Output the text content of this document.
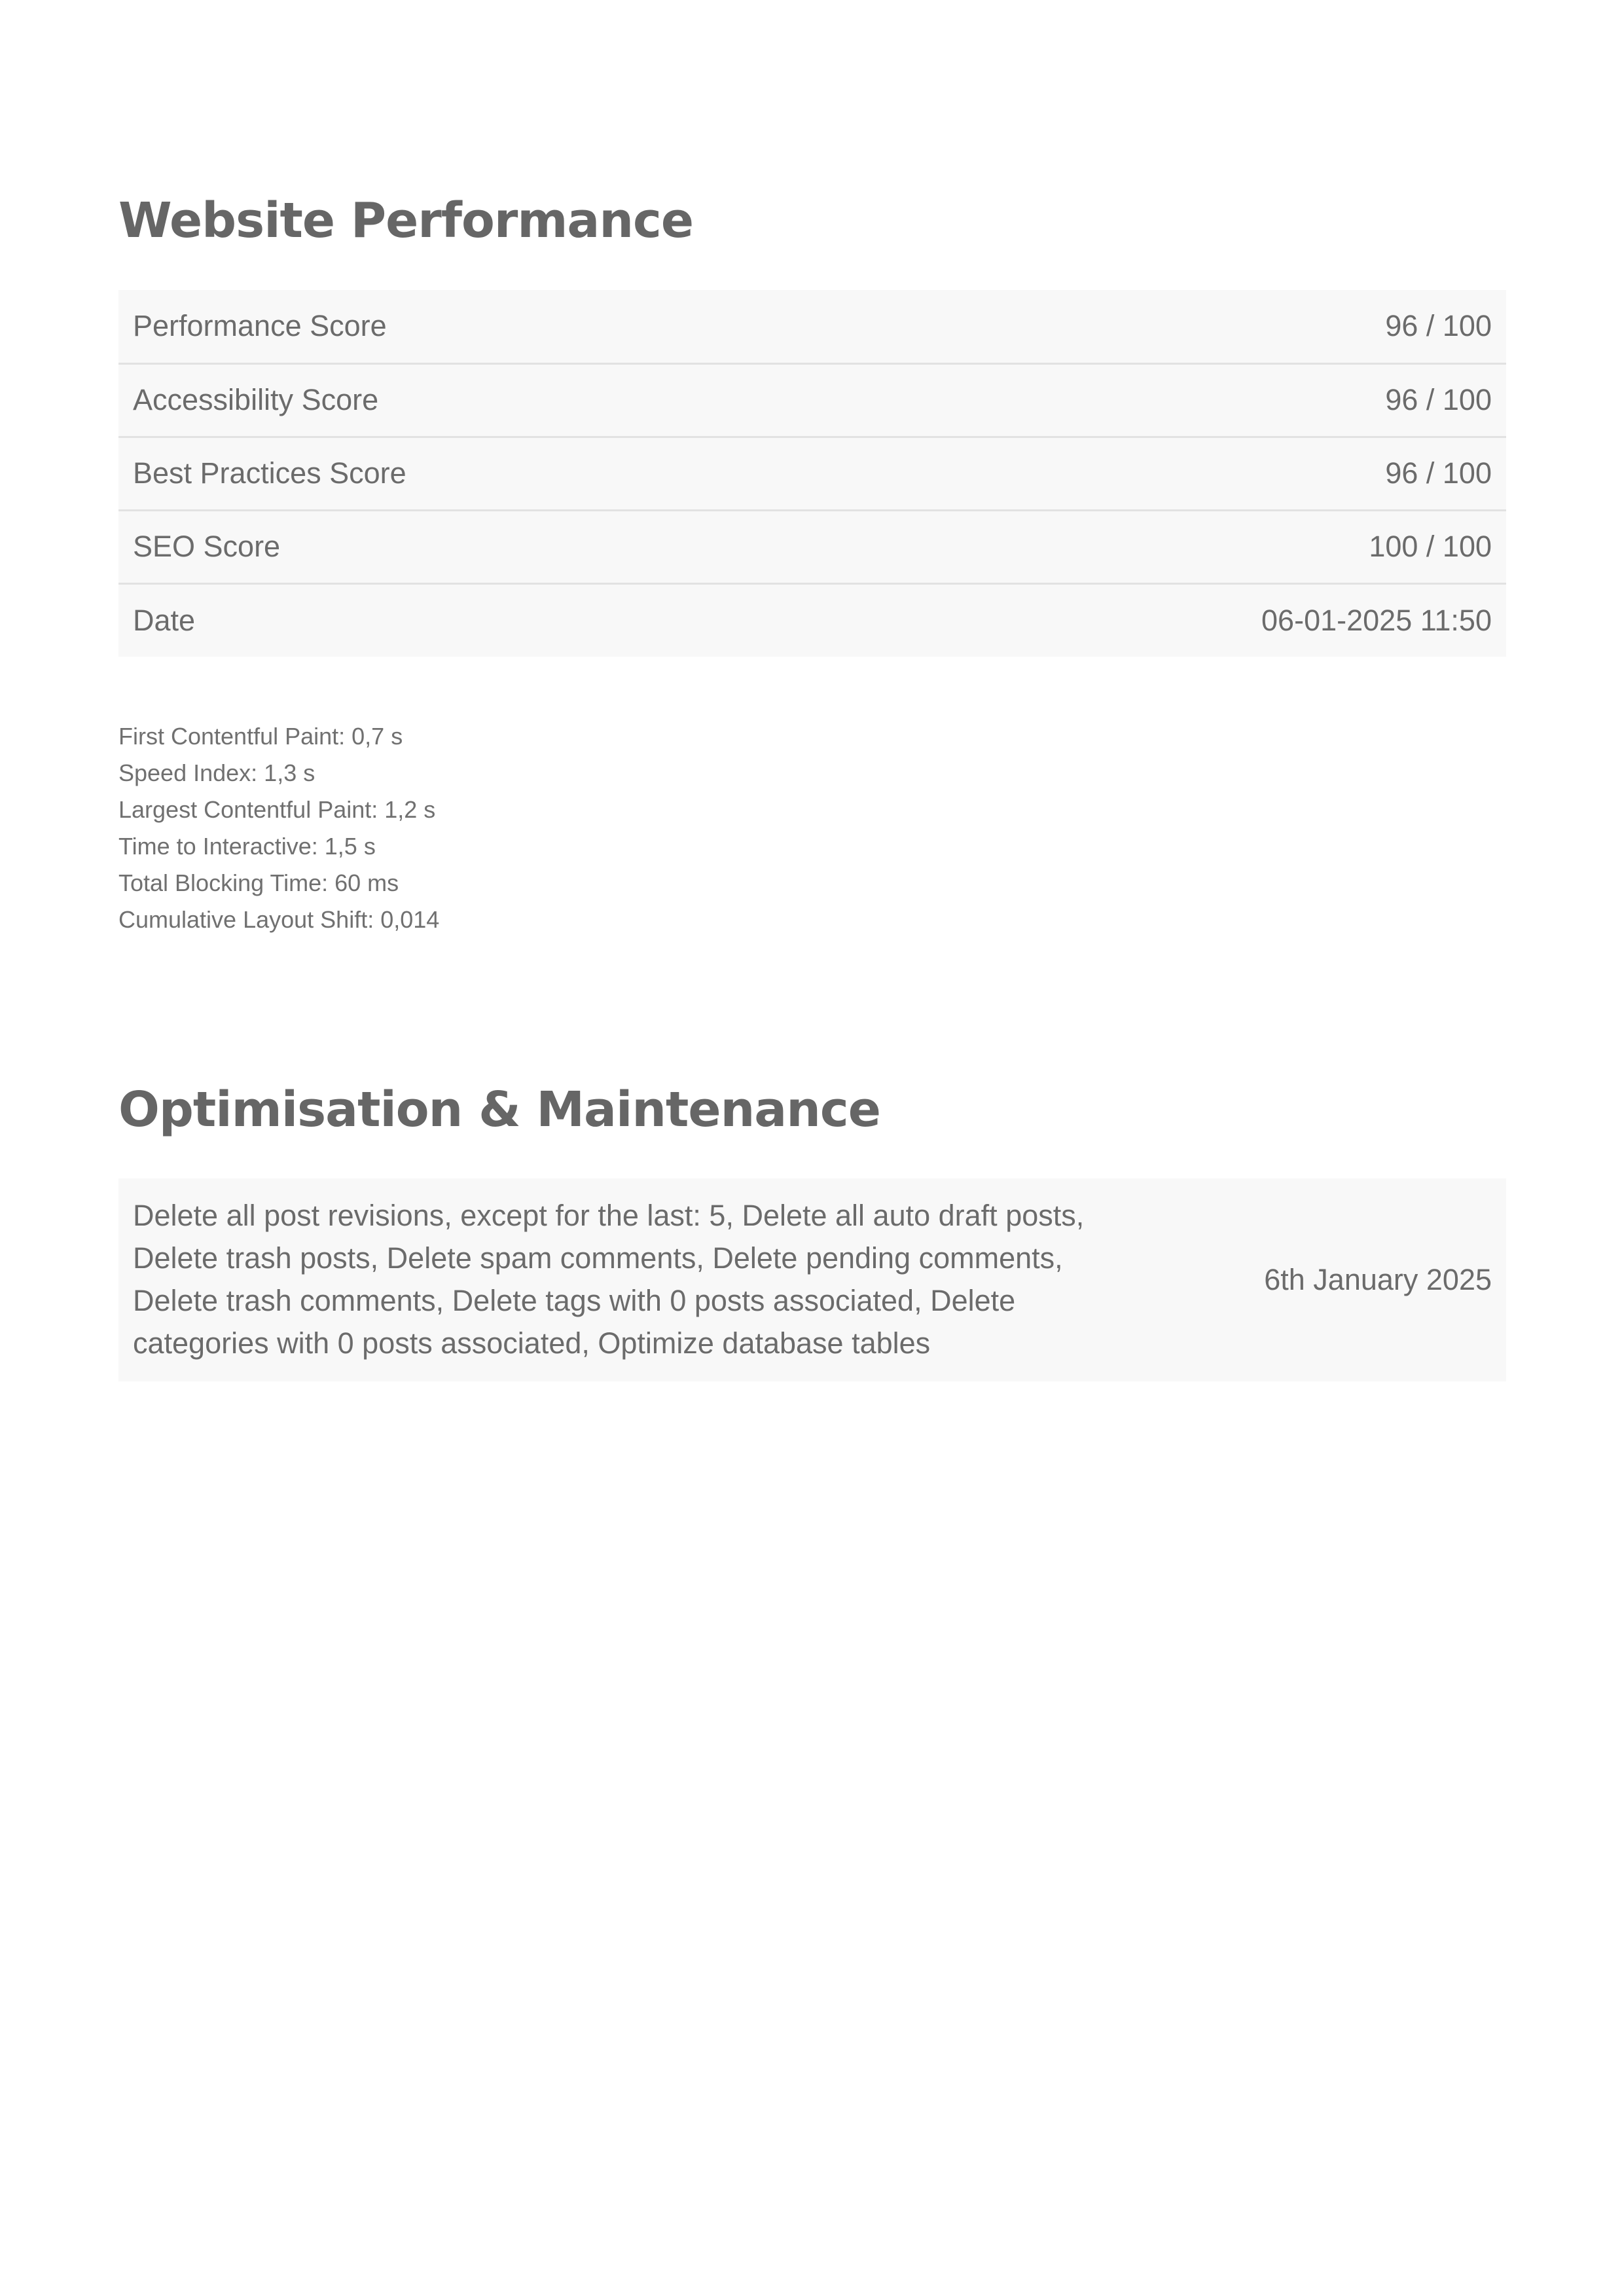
Website Performance
Performance Score	96 / 100
Accessibility Score	96 / 100
Best Practices Score	96 / 100
SEO Score	100 / 100
Date	06-01-2025 11:50
First Contentful Paint: 0,7 s
Speed Index: 1,3 s
Largest Contentful Paint: 1,2 s
Time to Interactive: 1,5 s
Total Blocking Time: 60 ms
Cumulative Layout Shift: 0,014
Optimisation & Maintenance
Delete all post revisions, except for the last: 5, Delete all auto draft posts, Delete trash posts, Delete spam comments, Delete pending comments, Delete trash comments, Delete tags with 0 posts associated, Delete categories with 0 posts associated, Optimize database tables	6th January 2025
